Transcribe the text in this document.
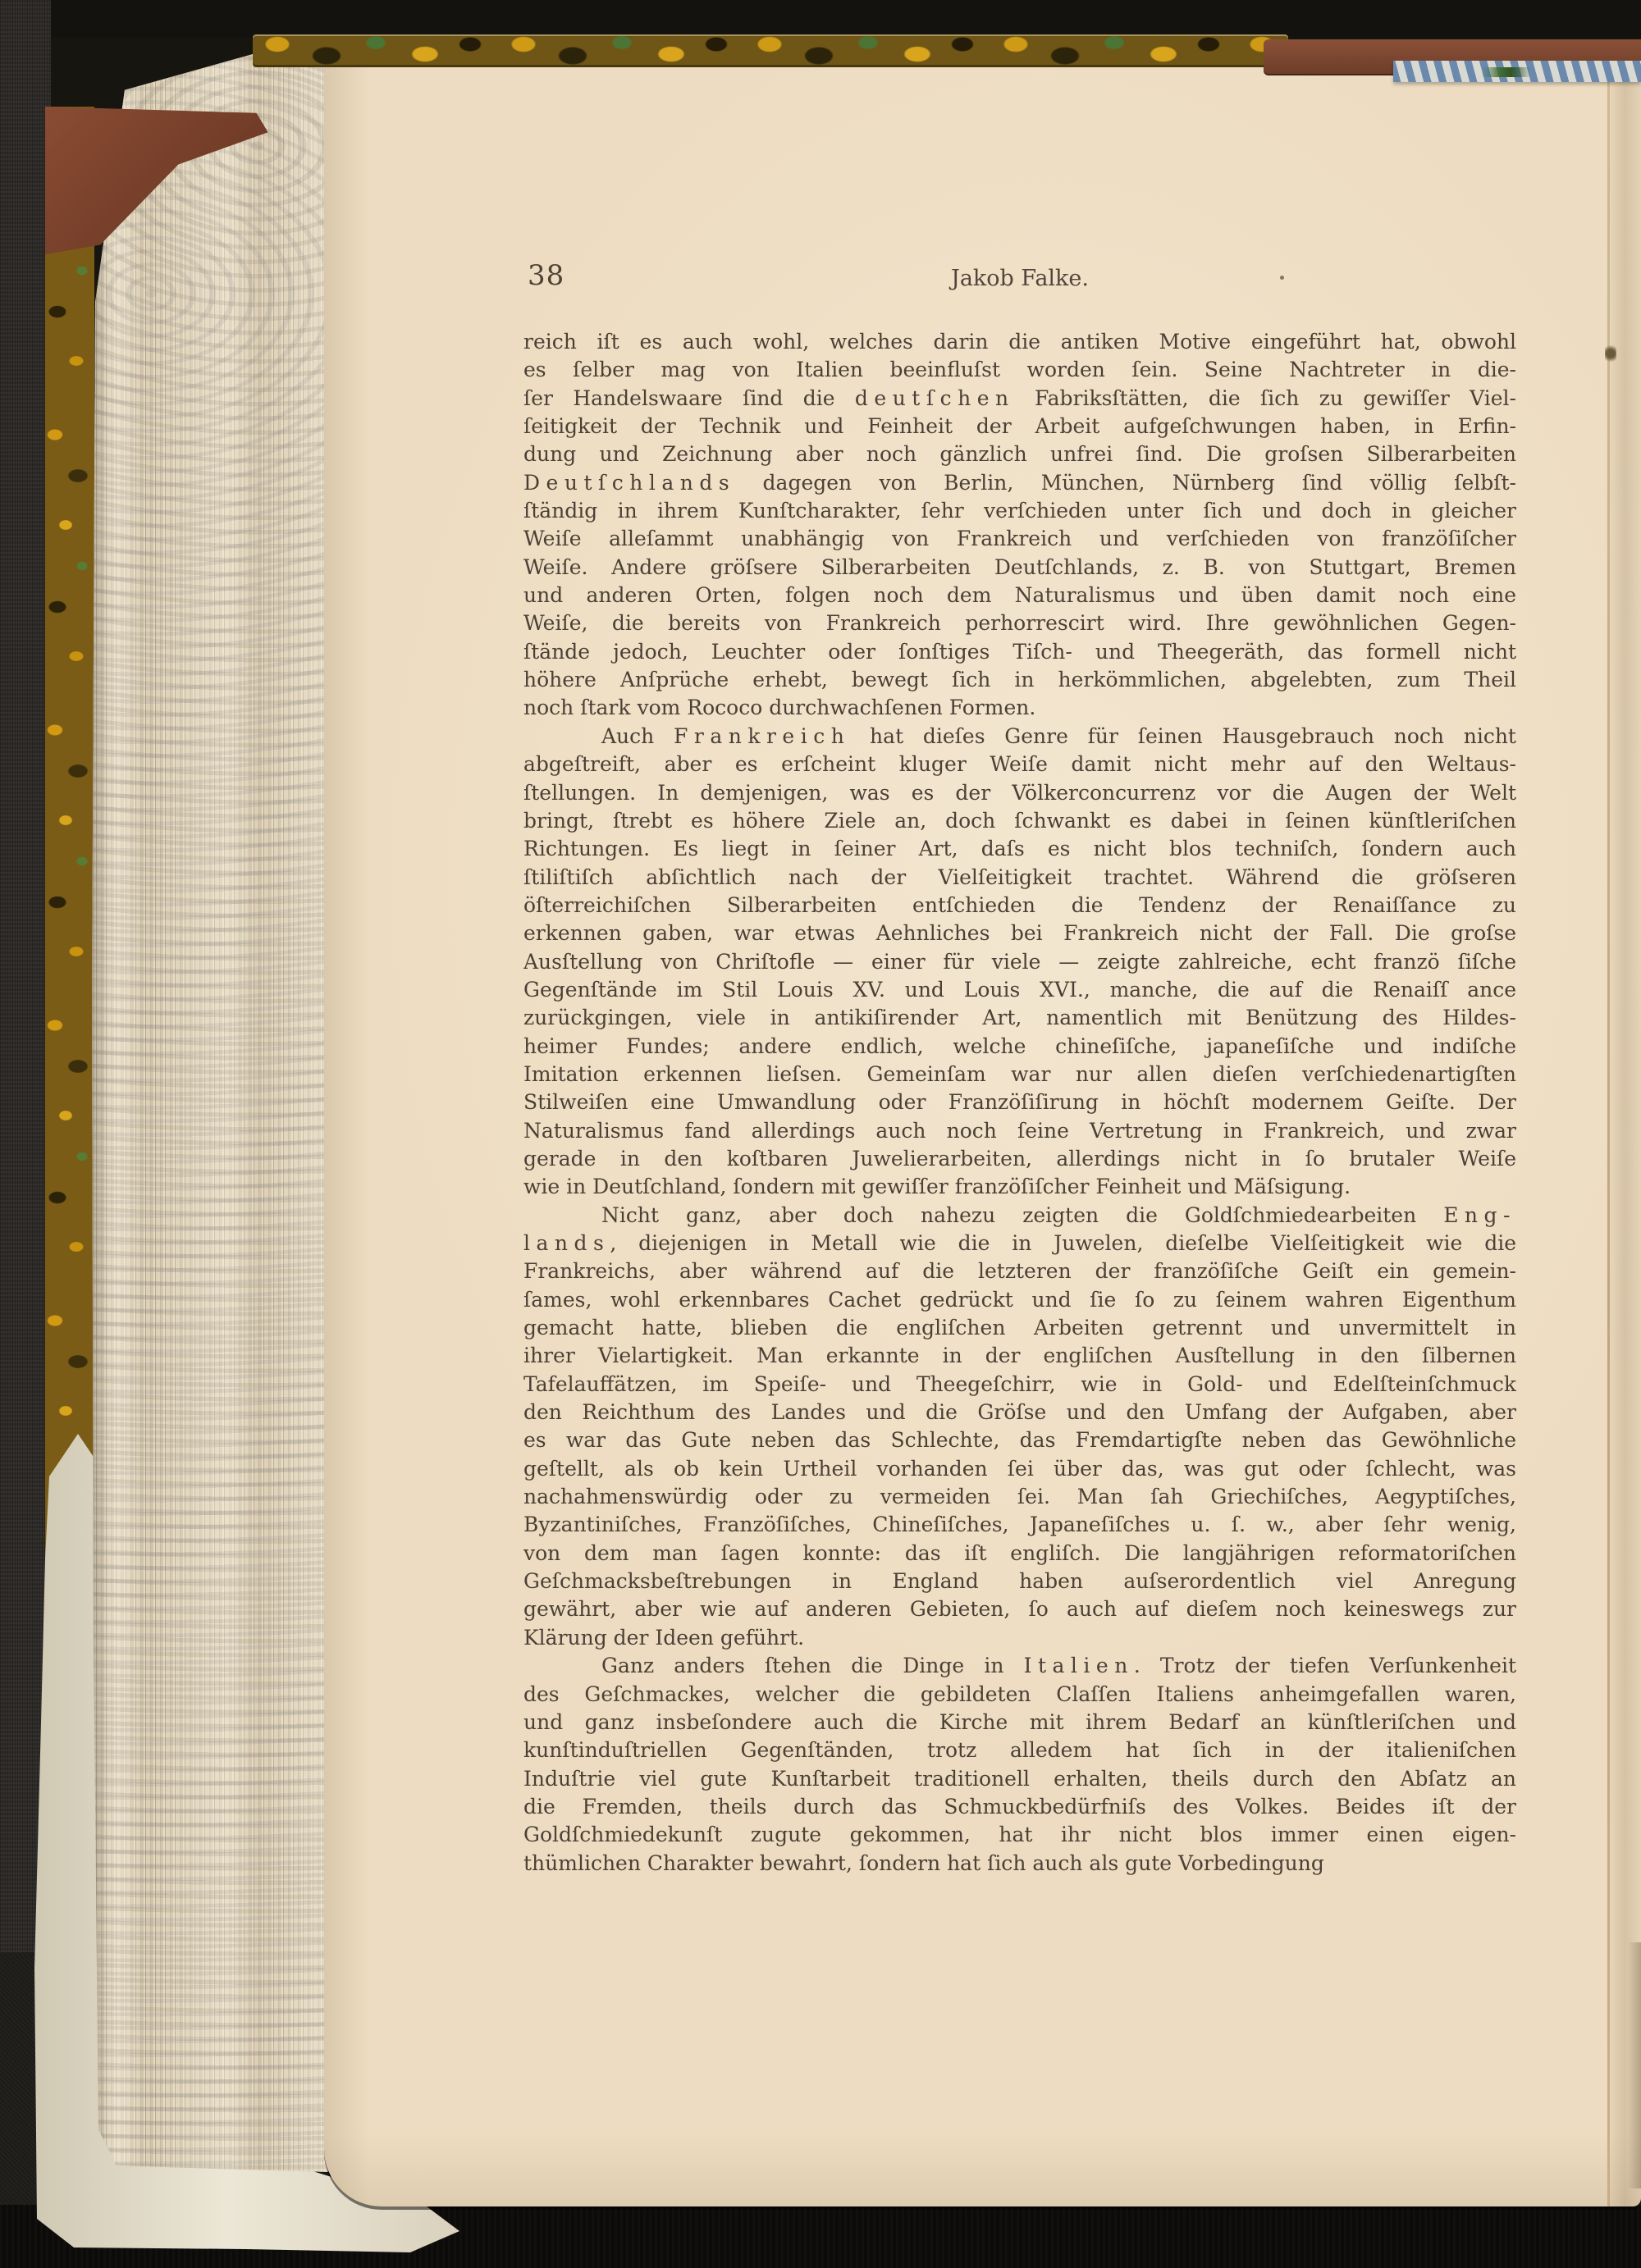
38	Jakob Falke.
reich iſt es auch wohl, welches darin die antiken Motive eingeführt hat, obwohl
es ſelber mag von Italien beeinfluſst worden ſein. Seine Nachtreter in die-
ſer Handelswaare ſind die deutſchen Fabriksſtätten, die ſich zu gewiſſer Viel-
ſeitigkeit der Technik und Feinheit der Arbeit aufgeſchwungen haben, in Erfin-
dung und Zeichnung aber noch gänzlich unfrei ſind. Die groſsen Silberarbeiten
Deutſchlands dagegen von Berlin, München, Nürnberg ſind völlig ſelbſt-
ſtändig in ihrem Kunſtcharakter, ſehr verſchieden unter ſich und doch in gleicher
Weiſe alleſammt unabhängig von Frankreich und verſchieden von franzöſiſcher
Weiſe. Andere gröſsere Silberarbeiten Deutſchlands, z. B. von Stuttgart, Bremen
und anderen Orten, folgen noch dem Naturalismus und üben damit noch eine
Weiſe, die bereits von Frankreich perhorrescirt wird. Ihre gewöhnlichen Gegen-
ſtände jedoch, Leuchter oder ſonſtiges Tiſch- und Theegeräth, das formell nicht
höhere Anſprüche erhebt, bewegt ſich in herkömmlichen, abgelebten, zum Theil
noch ſtark vom Rococo durchwachſenen Formen.
Auch Frankreich hat dieſes Genre für ſeinen Hausgebrauch noch nicht
abgeſtreift, aber es erſcheint kluger Weiſe damit nicht mehr auf den Weltaus-
ſtellungen. In demjenigen, was es der Völkerconcurrenz vor die Augen der Welt
bringt, ſtrebt es höhere Ziele an, doch ſchwankt es dabei in ſeinen künſtleriſchen
Richtungen. Es liegt in ſeiner Art, daſs es nicht blos techniſch, ſondern auch
ſtiliſtiſch abſichtlich nach der Vielſeitigkeit trachtet. Während die gröſseren
öſterreichiſchen Silberarbeiten entſchieden die Tendenz der Renaiſſance zu
erkennen gaben, war etwas Aehnliches bei Frankreich nicht der Fall. Die groſse
Ausſtellung von Chriſtofle — einer für viele — zeigte zahlreiche, echt franzö ſiſche
Gegenſtände im Stil Louis XV. und Louis XVI., manche, die auf die Renaiſſ ance
zurückgingen, viele in antikiſirender Art, namentlich mit Benützung des Hildes-
heimer Fundes; andere endlich, welche chineſiſche, japaneſiſche und indiſche
Imitation erkennen lieſsen. Gemeinſam war nur allen dieſen verſchiedenartigſten
Stilweiſen eine Umwandlung oder Franzöſiſirung in höchſt modernem Geiſte. Der
Naturalismus fand allerdings auch noch ſeine Vertretung in Frankreich, und zwar
gerade in den koſtbaren Juwelierarbeiten, allerdings nicht in ſo brutaler Weiſe
wie in Deutſchland, ſondern mit gewiſſer franzöſiſcher Feinheit und Mäſsigung.
Nicht ganz, aber doch nahezu zeigten die Goldſchmiedearbeiten Eng-
lands, diejenigen in Metall wie die in Juwelen, dieſelbe Vielſeitigkeit wie die
Frankreichs, aber während auf die letzteren der franzöſiſche Geiſt ein gemein-
ſames, wohl erkennbares Cachet gedrückt und ſie ſo zu ſeinem wahren Eigenthum
gemacht hatte, blieben die engliſchen Arbeiten getrennt und unvermittelt in
ihrer Vielartigkeit. Man erkannte in der engliſchen Ausſtellung in den ſilbernen
Tafelauffätzen, im Speiſe- und Theegeſchirr, wie in Gold- und Edelſteinſchmuck
den Reichthum des Landes und die Gröſse und den Umfang der Aufgaben, aber
es war das Gute neben das Schlechte, das Fremdartigſte neben das Gewöhnliche
geſtellt, als ob kein Urtheil vorhanden ſei über das, was gut oder ſchlecht, was
nachahmenswürdig oder zu vermeiden ſei. Man ſah Griechiſches, Aegyptiſches,
Byzantiniſches, Franzöſiſches, Chineſiſches, Japaneſiſches u. ſ. w., aber ſehr wenig,
von dem man ſagen konnte: das iſt engliſch. Die langjährigen reformatoriſchen
Geſchmacksbeſtrebungen in England haben auſserordentlich viel Anregung
gewährt, aber wie auf anderen Gebieten, ſo auch auf dieſem noch keineswegs zur
Klärung der Ideen geführt.
Ganz anders ſtehen die Dinge in Italien. Trotz der tiefen Verſunkenheit
des Geſchmackes, welcher die gebildeten Claſſen Italiens anheimgefallen waren,
und ganz insbeſondere auch die Kirche mit ihrem Bedarf an künſtleriſchen und
kunſtinduſtriellen Gegenſtänden, trotz alledem hat ſich in der italieniſchen
Induſtrie viel gute Kunſtarbeit traditionell erhalten, theils durch den Abſatz an
die Fremden, theils durch das Schmuckbedürfniſs des Volkes. Beides iſt der
Goldſchmiedekunſt zugute gekommen, hat ihr nicht blos immer einen eigen-
thümlichen Charakter bewahrt, ſondern hat ſich auch als gute Vorbedingung
